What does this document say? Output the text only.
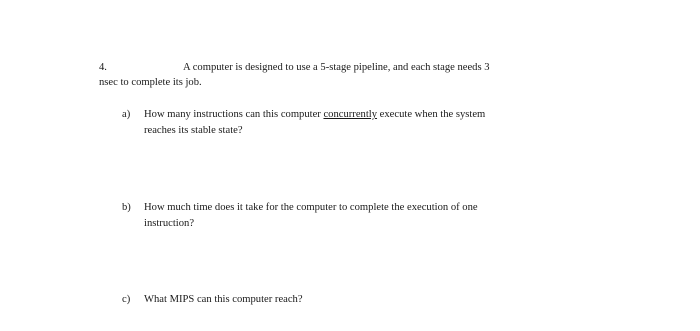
4.	A computer is designed to use a 5-stage pipeline, and each stage needs 3
nsec to complete its job.
a) How many instructions can this computer concurrently execute when the system
reaches its stable state?
b) How much time does it take for the computer to complete the execution of one
instruction?
c) What MIPS can this computer reach?
